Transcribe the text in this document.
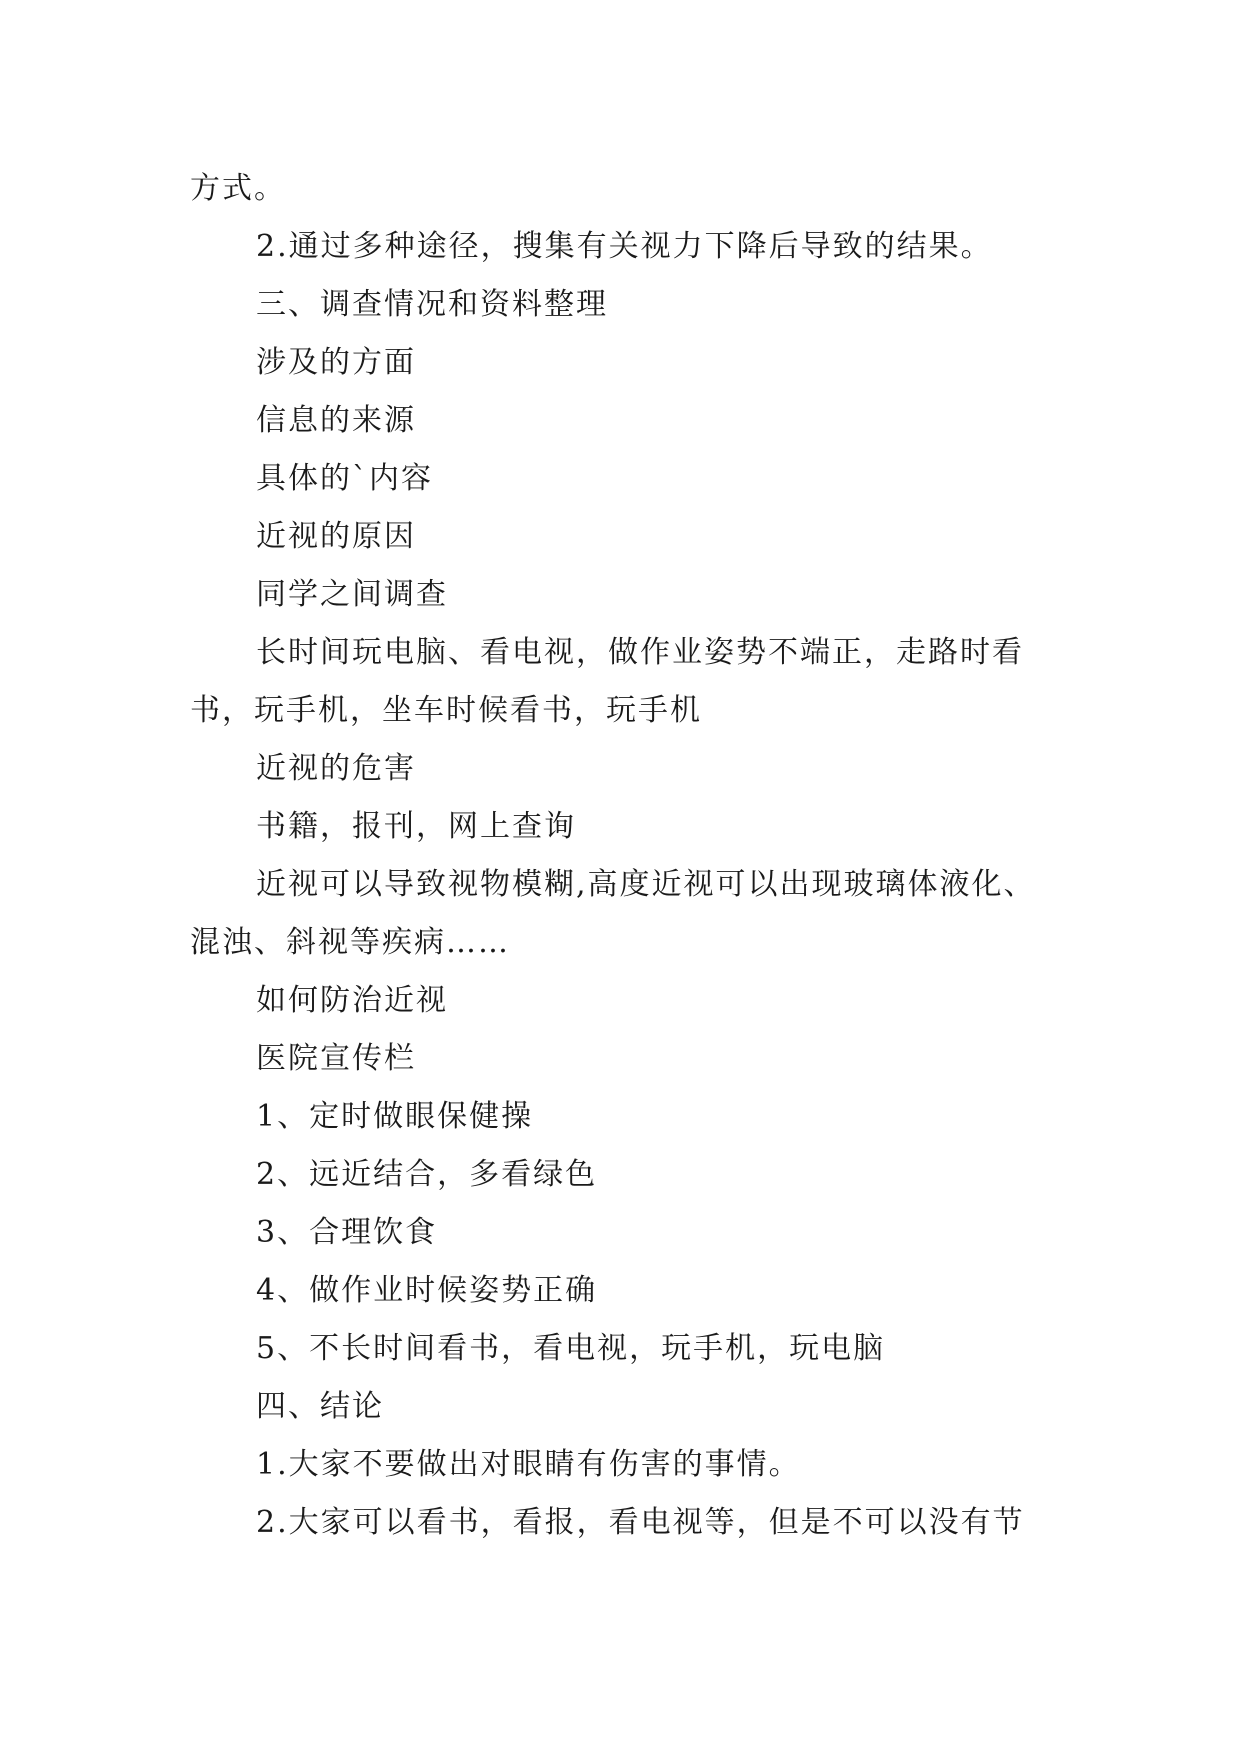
方式。
2.通过多种途径，搜集有关视力下降后导致的结果。
三、调查情况和资料整理
涉及的方面
信息的来源
具体的`内容
近视的原因
同学之间调查
长时间玩电脑、看电视，做作业姿势不端正，走路时看
书，玩手机，坐车时候看书，玩手机
近视的危害
书籍，报刊，网上查询
近视可以导致视物模糊,高度近视可以出现玻璃体液化、
混浊、斜视等疾病……
如何防治近视
医院宣传栏
1、定时做眼保健操
2、远近结合，多看绿色
3、合理饮食
4、做作业时候姿势正确
5、不长时间看书，看电视，玩手机，玩电脑
四、结论
1.大家不要做出对眼睛有伤害的事情。
2.大家可以看书，看报，看电视等，但是不可以没有节
